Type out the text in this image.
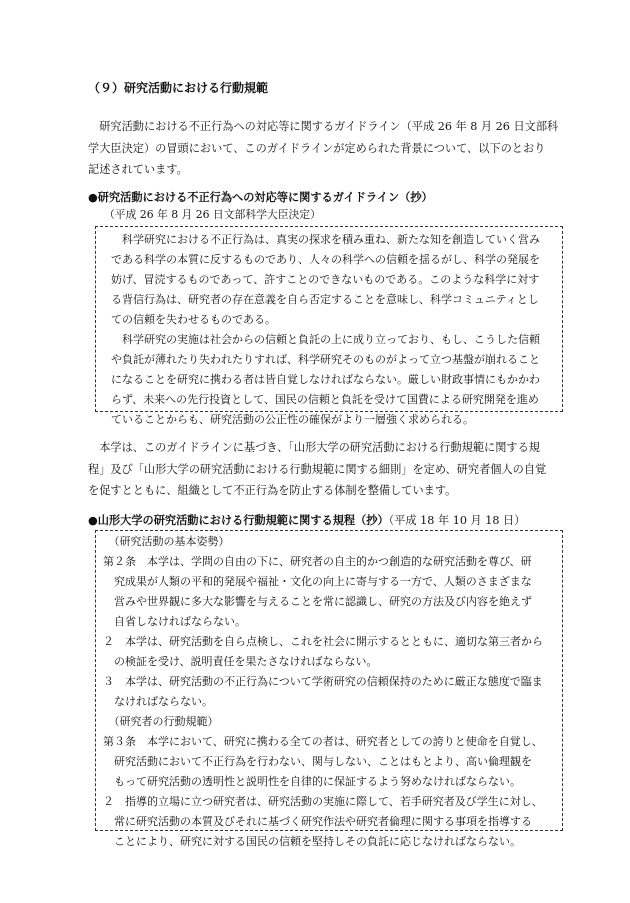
（９）研究活動における行動規範
　研究活動における不正行為への対応等に関するガイドライン（平成 26 年 8 月 26 日文部科
学大臣決定）の冒頭において、このガイドラインが定められた背景について、以下のとおり
記述されています。
●研究活動における不正行為への対応等に関するガイドライン（抄）
（平成 26 年 8 月 26 日文部科学大臣決定）
　科学研究における不正行為は、真実の探求を積み重ね、新たな知を創造していく営み
である科学の本質に反するものであり、人々の科学への信頼を揺るがし、科学の発展を
妨げ、冒涜するものであって、許すことのできないものである。このような科学に対す
る背信行為は、研究者の存在意義を自ら否定することを意味し、科学コミュニティとし
ての信頼を失わせるものである。
　科学研究の実施は社会からの信頼と負託の上に成り立っており、もし、こうした信頼
や負託が薄れたり失われたりすれば、科学研究そのものがよって立つ基盤が崩れること
になることを研究に携わる者は皆自覚しなければならない。厳しい財政事情にもかかわ
らず、未来への先行投資として、国民の信頼と負託を受けて国費による研究開発を進め
ていることからも、研究活動の公正性の確保がより一層強く求められる。
　本学は、このガイドラインに基づき、「山形大学の研究活動における行動規範に関する規
程」及び「山形大学の研究活動における行動規範に関する細則」を定め、研究者個人の自覚
を促すとともに、組織として不正行為を防止する体制を整備しています。
●山形大学の研究活動における行動規範に関する規程（抄）（平成 18 年 10 月 18 日）
　（研究活動の基本姿勢）
第２条　本学は、学問の自由の下に、研究者の自主的かつ創造的な研究活動を尊び、研
　究成果が人類の平和的発展や福祉・文化の向上に寄与する一方で、人類のさまざまな
　営みや世界観に多大な影響を与えることを常に認識し、研究の方法及び内容を絶えず
　自省しなければならない。
２　本学は、研究活動を自ら点検し、これを社会に開示するとともに、適切な第三者から
　の検証を受け、説明責任を果たさなければならない。
３　本学は、研究活動の不正行為について学術研究の信頼保持のために厳正な態度で臨ま
　なければならない。
　（研究者の行動規範）
第３条　本学において、研究に携わる全ての者は、研究者としての誇りと使命を自覚し、
　研究活動において不正行為を行わない、関与しない、ことはもとより、高い倫理観を
　もって研究活動の透明性と説明性を自律的に保証するよう努めなければならない。
２　指導的立場に立つ研究者は、研究活動の実施に際して、若手研究者及び学生に対し、
　常に研究活動の本質及びそれに基づく研究作法や研究者倫理に関する事項を指導する
　ことにより、研究に対する国民の信頼を堅持しその負託に応じなければならない。
